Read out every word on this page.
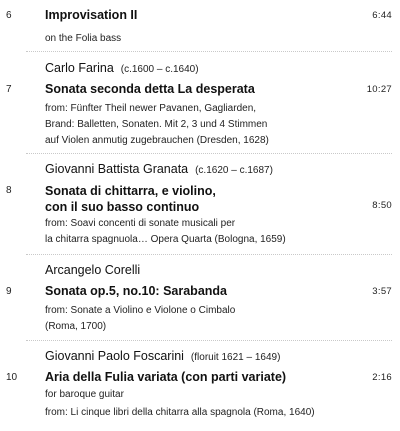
6	Improvisation II	6:44
on the Folia bass
Carlo Farina (c.1600 – c.1640)
7	Sonata seconda detta La desperata	10:27
from: Fünfter Theil newer Pavanen, Gagliarden,
Brand: Balletten, Sonaten. Mit 2, 3 und 4 Stimmen
auf Violen anmutig zugebrauchen (Dresden, 1628)
Giovanni Battista Granata (c.1620 – c.1687)
8	Sonata di chittarra, e violino,
con il suo basso continuo	8:50
from: Soavi concenti di sonate musicali per
la chitarra spagnuola… Opera Quarta (Bologna, 1659)
Arcangelo Corelli
9	Sonata op.5, no.10: Sarabanda	3:57
from: Sonate a Violino e Violone o Cimbalo
(Roma, 1700)
Giovanni Paolo Foscarini (floruit 1621 – 1649)
10 Aria della Fulia variata (con parti variate)	2:16
for baroque guitar
from: Li cinque libri della chitarra alla spagnola (Roma, 1640)
